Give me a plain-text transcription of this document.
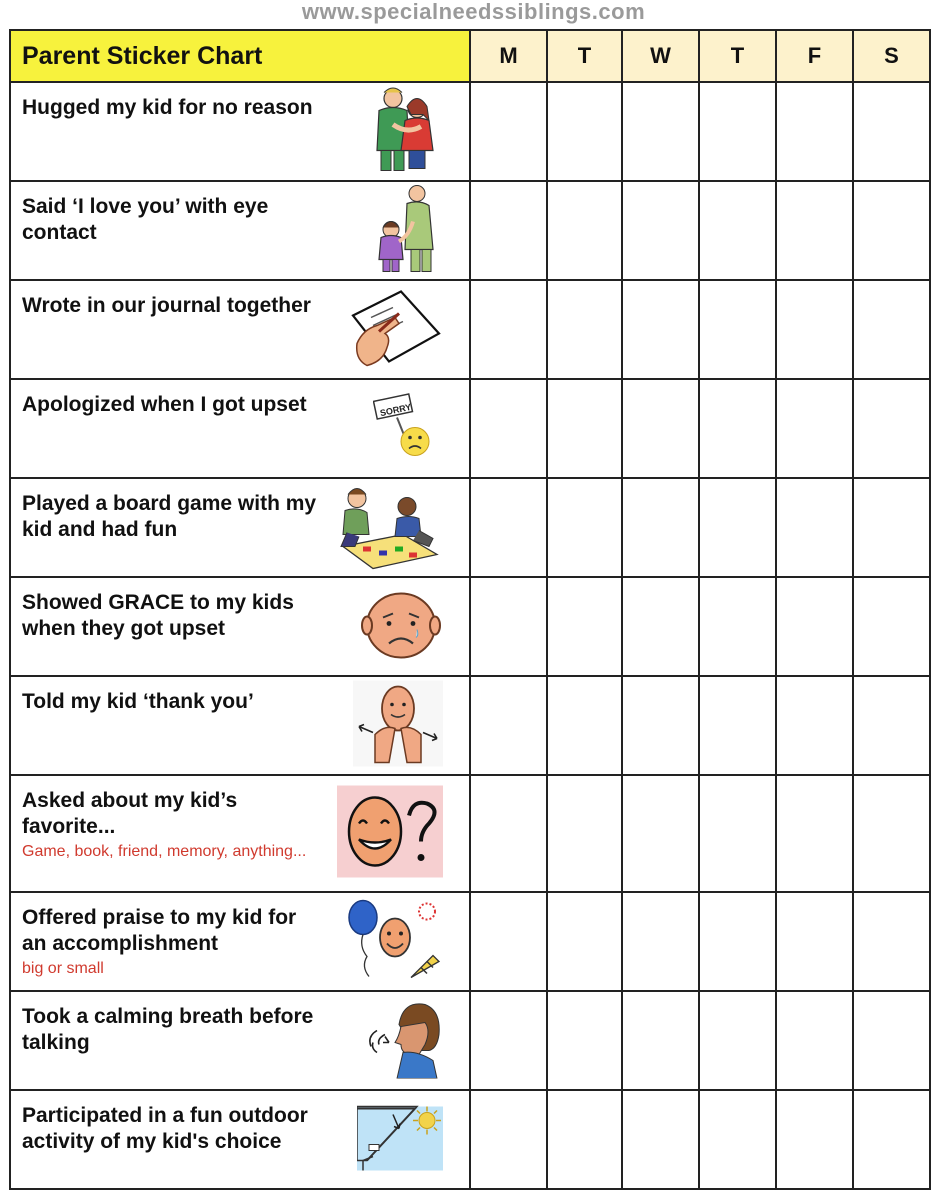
www.specialneedssiblings.com
Parent Sticker Chart	M	T	W	T	F	S

Hugged my kid for no reason						

Said ‘I love you’ with eye contact						

Wrote in our journal together						

Apologized when I got upset SORRY						

Played a board game with my kid and had fun						

Showed GRACE to my kids when they got upset						

Told my kid ‘thank you’						

Asked about my kid’s favorite...
Game, book, friend, memory, anything...						

Offered praise to my kid for an accomplishment
big or small						

Took a calming breath before talking						

Participated in a fun outdoor activity of my kid's choice						
